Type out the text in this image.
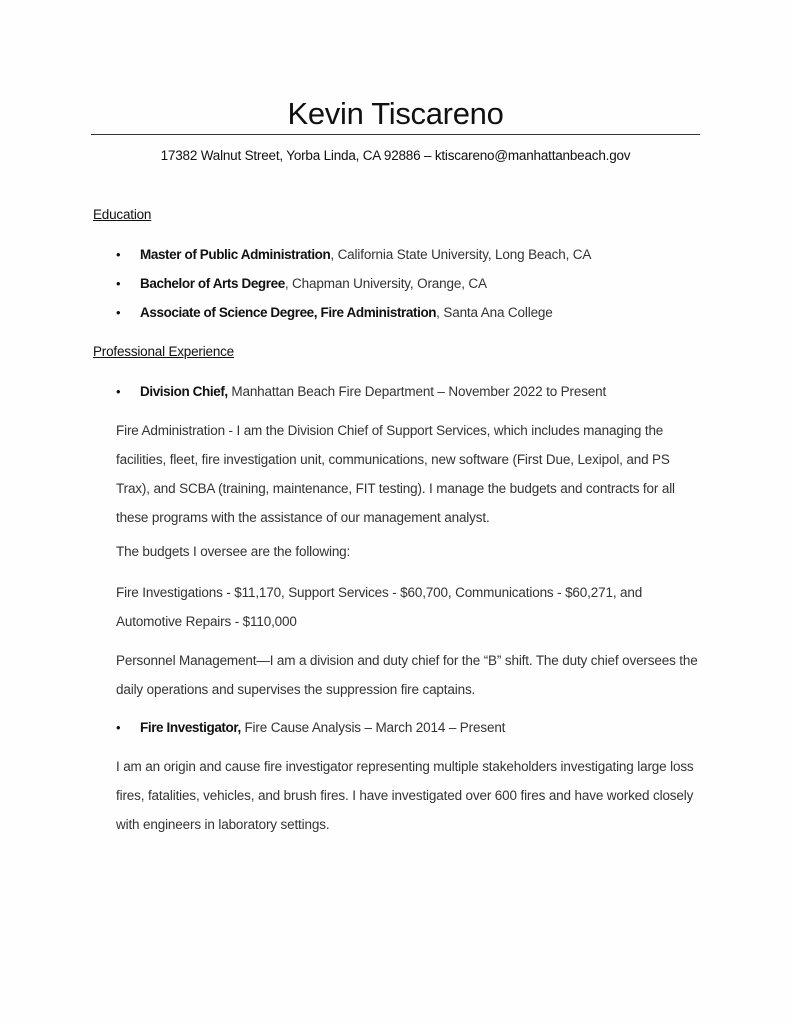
Kevin Tiscareno
17382 Walnut Street, Yorba Linda, CA 92886 – ktiscareno@manhattanbeach.gov
Education
• Master of Public Administration, California State University, Long Beach, CA
• Bachelor of Arts Degree, Chapman University, Orange, CA
• Associate of Science Degree, Fire Administration, Santa Ana College
Professional Experience
• Division Chief, Manhattan Beach Fire Department – November 2022 to Present
Fire Administration - I am the Division Chief of Support Services, which includes managing the facilities, fleet, fire investigation unit, communications, new software (First Due, Lexipol, and PS Trax), and SCBA (training, maintenance, FIT testing). I manage the budgets and contracts for all these programs with the assistance of our management analyst.
The budgets I oversee are the following:
Fire Investigations - $11,170, Support Services - $60,700, Communications - $60,271, and Automotive Repairs - $110,000
Personnel Management—I am a division and duty chief for the “B” shift. The duty chief oversees the daily operations and supervises the suppression fire captains.
• Fire Investigator, Fire Cause Analysis – March 2014 – Present
I am an origin and cause fire investigator representing multiple stakeholders investigating large loss fires, fatalities, vehicles, and brush fires. I have investigated over 600 fires and have worked closely with engineers in laboratory settings.
